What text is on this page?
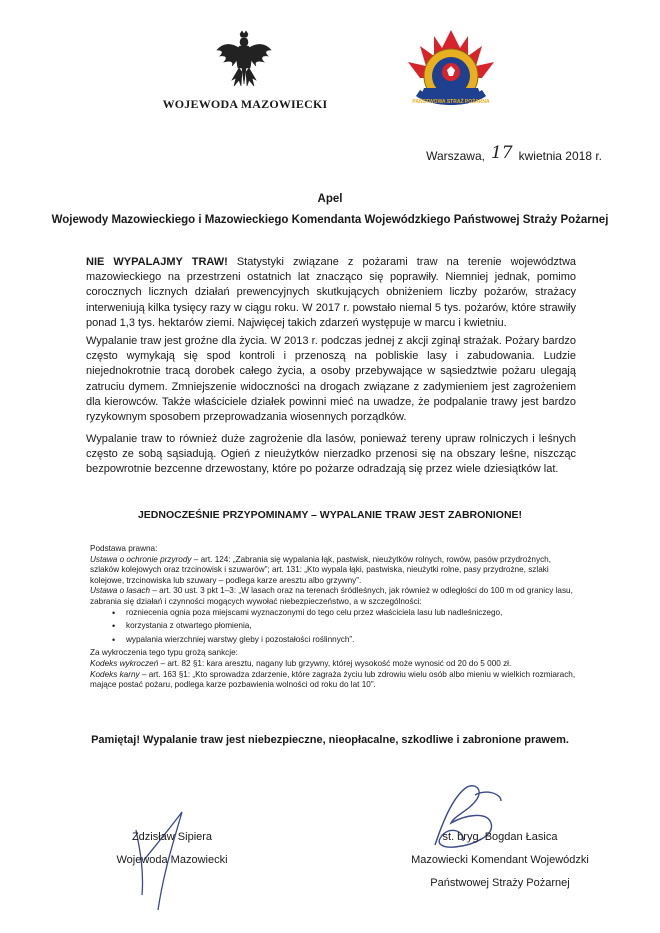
WOJEWODA MAZOWIECKI	PAŃSTWOWA STRAŻ POŻARNA
Warszawa, 17 kwietnia 2018 r.
Apel
Wojewody Mazowieckiego i Mazowieckiego Komendanta Wojewódzkiego Państwowej Straży Pożarnej

NIE WYPALAJMY TRAW! Statystyki związane z pożarami traw na terenie województwa mazowieckiego na przestrzeni ostatnich lat znacząco się poprawiły. Niemniej jednak, pomimo corocznych licznych działań prewencyjnych skutkujących obniżeniem liczby pożarów, strażacy interweniują kilka tysięcy razy w ciągu roku. W 2017 r. powstało niemal 5 tys. pożarów, które strawiły ponad 1,3 tys. hektarów ziemi. Najwięcej takich zdarzeń występuje w marcu i kwietniu.

Wypalanie traw jest groźne dla życia. W 2013 r. podczas jednej z akcji zginął strażak. Pożary bardzo często wymykają się spod kontroli i przenoszą na pobliskie lasy i zabudowania. Ludzie niejednokrotnie tracą dorobek całego życia, a osoby przebywające w sąsiedztwie pożaru ulegają zatruciu dymem. Zmniejszenie widoczności na drogach związane z zadymieniem jest zagrożeniem dla kierowców. Także właściciele działek powinni mieć na uwadze, że podpalanie trawy jest bardzo ryzykownym sposobem przeprowadzania wiosennych porządków.

Wypalanie traw to również duże zagrożenie dla lasów, ponieważ tereny upraw rolniczych i leśnych często ze sobą sąsiadują. Ogień z nieużytków nierzadko przenosi się na obszary leśne, niszcząc bezpowrotnie bezcenne drzewostany, które po pożarze odradzają się przez wiele dziesiątków lat.

JEDNOCZEŚNIE PRZYPOMINAMY – WYPALANIE TRAW JEST ZABRONIONE!

Podstawa prawna:

Ustawa o ochronie przyrody – art. 124: „Zabrania się wypalania łąk, pastwisk, nieużytków rolnych, rowów, pasów przydrożnych, szlaków kolejowych oraz trzcinowisk i szuwarów”; art. 131: „Kto wypala łąki, pastwiska, nieużytki rolne, pasy przydrożne, szlaki kolejowe, trzcinowiska lub szuwary – podlega karze aresztu albo grzywny”.

Ustawa o lasach – art. 30 ust. 3 pkt 1–3: „W lasach oraz na terenach śródleśnych, jak również w odległości do 100 m od granicy lasu, zabrania się działań i czynności mogących wywołać niebezpieczeństwo, a w szczególności:

• rozniecenia ognia poza miejscami wyznaczonymi do tego celu przez właściciela lasu lub nadleśniczego,
• korzystania z otwartego płomienia,
• wypalania wierzchniej warstwy gleby i pozostałości roślinnych”.

Za wykroczenia tego typu grożą sankcje:

Kodeks wykroczeń – art. 82 §1: kara aresztu, nagany lub grzywny, której wysokość może wynosić od 20 do 5 000 zł.

Kodeks karny – art. 163 §1: „Kto sprowadza zdarzenie, które zagraża życiu lub zdrowiu wielu osób albo mieniu w wielkich rozmiarach, mające postać pożaru, podlega karze pozbawienia wolności od roku do lat 10”.

Pamiętaj! Wypalanie traw jest niebezpieczne, nieopłacalne, szkodliwe i zabronione prawem.
Zdzisław Sipiera
Wojewoda Mazowiecki
st. bryg. Bogdan Łasica
Mazowiecki Komendant Wojewódzki
Państwowej Straży Pożarnej
